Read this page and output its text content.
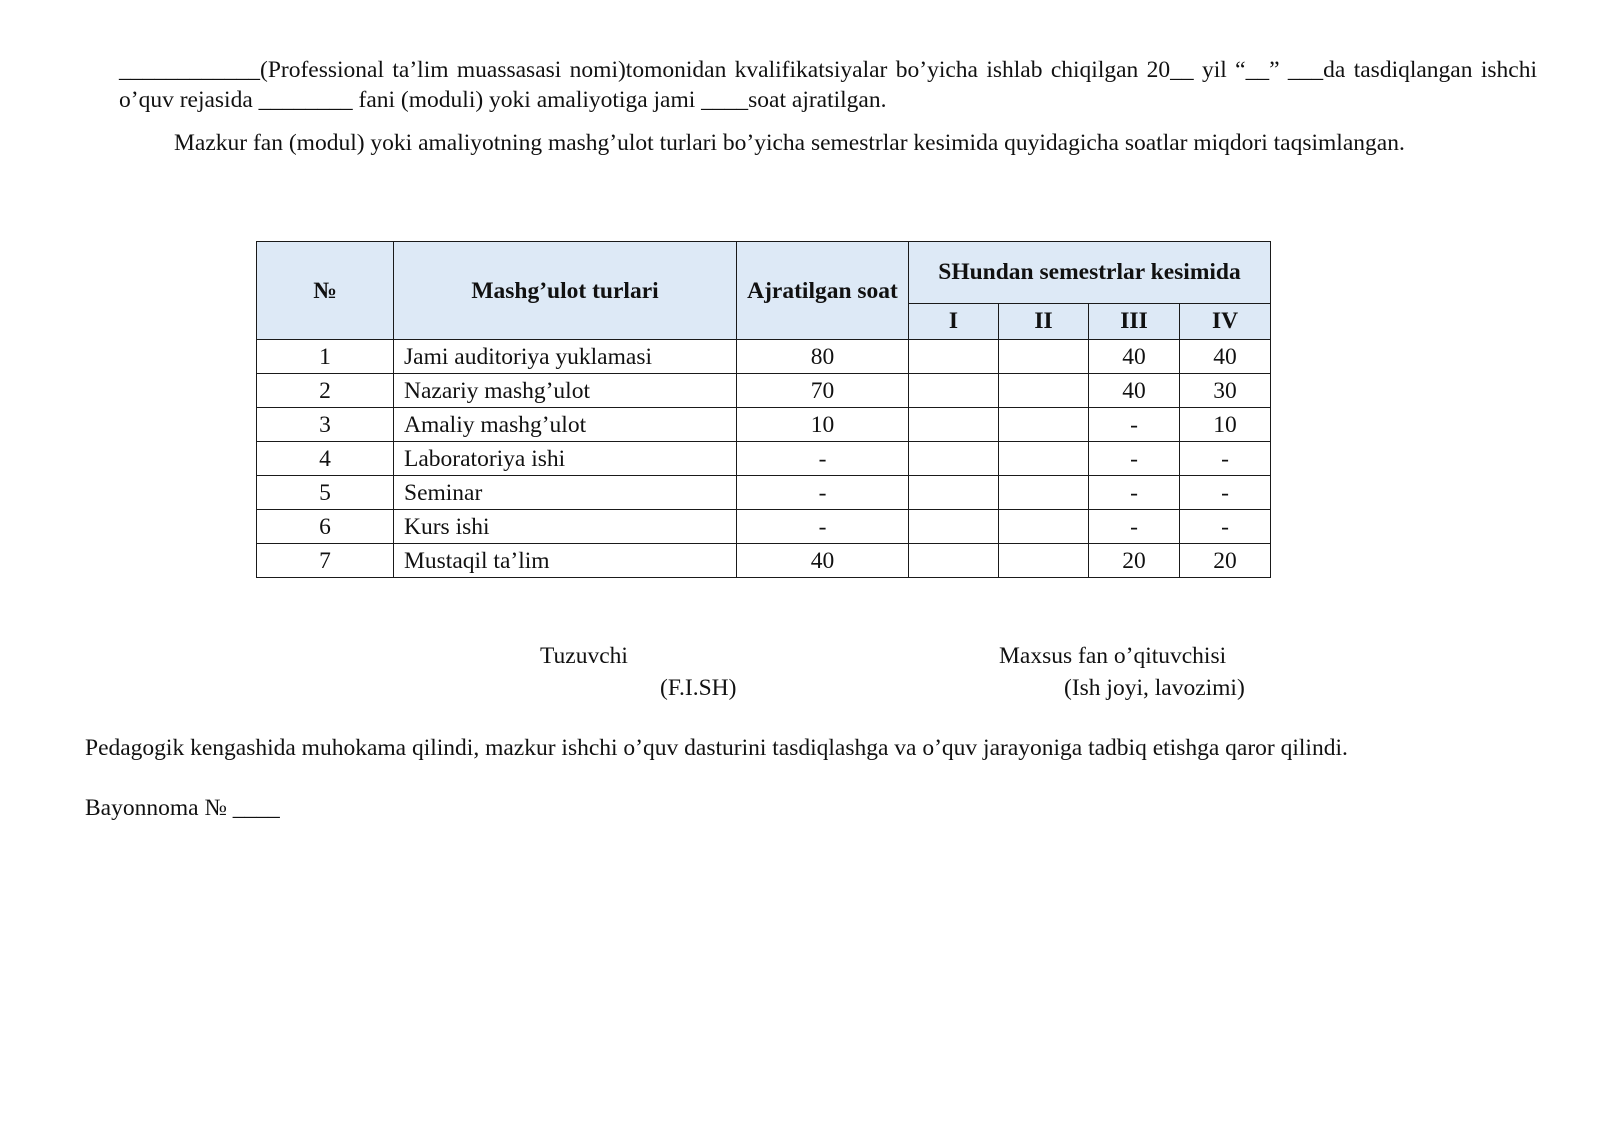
____________(Professional ta’lim muassasasi nomi)tomonidan kvalifikatsiyalar bo’yicha ishlab chiqilgan 20__ yil “__” ___da tasdiqlangan ishchi o’quv rejasida ________ fani (moduli) yoki amaliyotiga jami ____soat ajratilgan.

Mazkur fan (modul) yoki amaliyotning mashg’ulot turlari bo’yicha semestrlar kesimida quyidagicha soatlar miqdori taqsimlangan.

№	Mashg’ulot turlari	Ajratilgan soat	SHundan semestrlar kesimida			
			I	II	III	IV
1	Jami auditoriya yuklamasi	80			40	40
2	Nazariy mashg’ulot	70			40	30
3	Amaliy mashg’ulot	10			-	10
4	Laboratoriya ishi	-			-	-
5	Seminar	-			-	-
6	Kurs ishi	-			-	-
7	Mustaqil ta’lim	40			20	20
Tuzuvchi
(F.I.SH)
Maxsus fan o’qituvchisi
(Ish joyi, lavozimi)

Pedagogik kengashida muhokama qilindi, mazkur ishchi o’quv dasturini tasdiqlashga va o’quv jarayoniga tadbiq etishga qaror qilindi.

Bayonnoma № ____
